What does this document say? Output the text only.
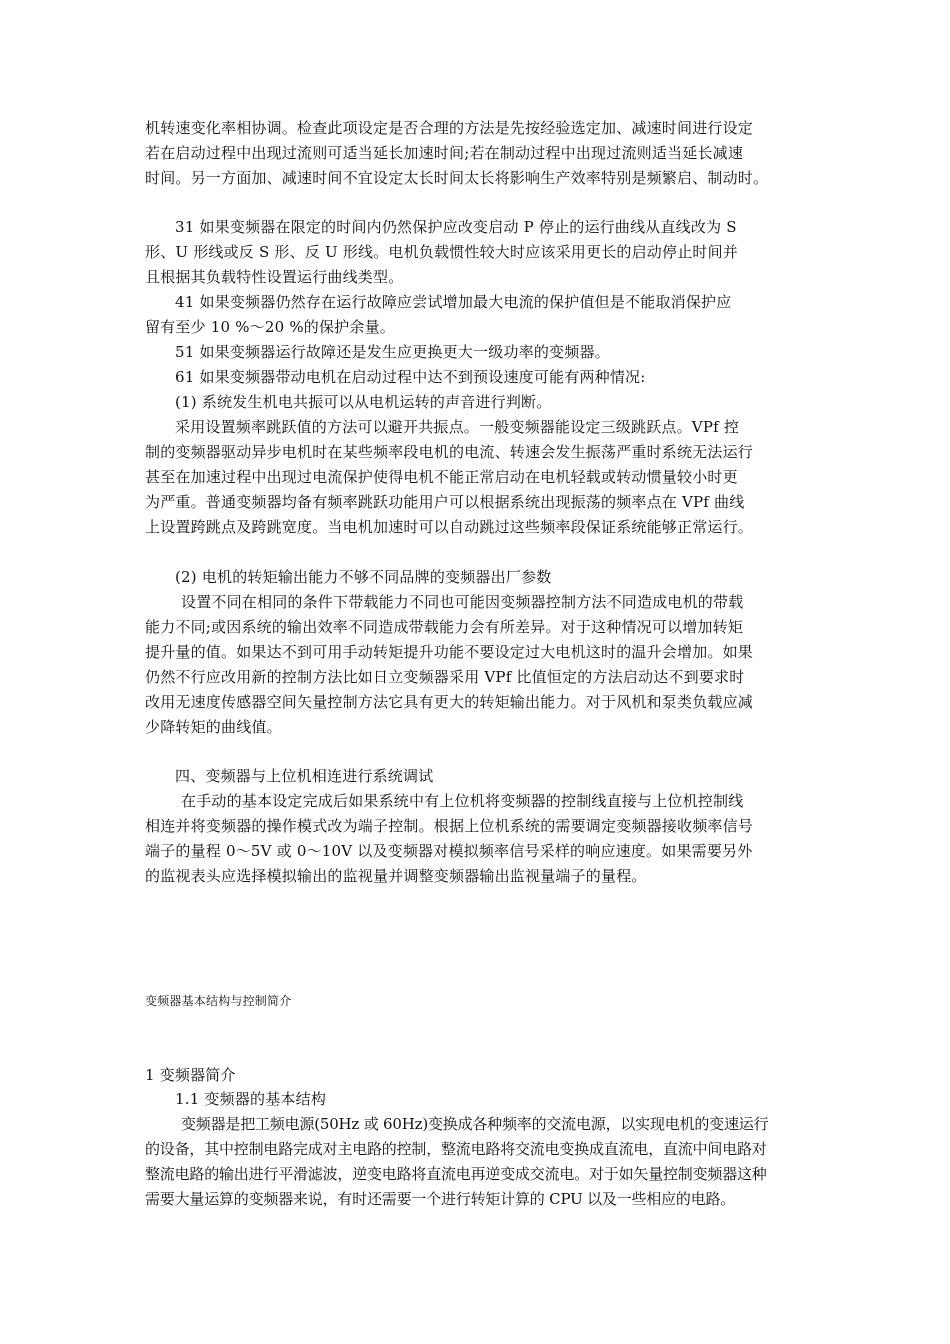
机转速变化率相协调。检查此项设定是否合理的方法是先按经验选定加、减速时间进行设定
若在启动过程中出现过流则可适当延长加速时间;若在制动过程中出现过流则适当延长减速
时间。另一方面加、减速时间不宜设定太长时间太长将影响生产效率特别是频繁启、制动时。
31 如果变频器在限定的时间内仍然保护应改变启动 P 停止的运行曲线从直线改为 S
形、U 形线或反 S 形、反 U 形线。电机负载惯性较大时应该采用更长的启动停止时间并
且根据其负载特性设置运行曲线类型。
41 如果变频器仍然存在运行故障应尝试增加最大电流的保护值但是不能取消保护应
留有至少 10 %～20 %的保护余量。
51 如果变频器运行故障还是发生应更换更大一级功率的变频器。
61 如果变频器带动电机在启动过程中达不到预设速度可能有两种情况:
(1) 系统发生机电共振可以从电机运转的声音进行判断。
采用设置频率跳跃值的方法可以避开共振点。一般变频器能设定三级跳跃点。VPf 控
制的变频器驱动异步电机时在某些频率段电机的电流、转速会发生振荡严重时系统无法运行
甚至在加速过程中出现过电流保护使得电机不能正常启动在电机轻载或转动惯量较小时更
为严重。普通变频器均备有频率跳跃功能用户可以根据系统出现振荡的频率点在 VPf 曲线
上设置跨跳点及跨跳宽度。当电机加速时可以自动跳过这些频率段保证系统能够正常运行。
(2) 电机的转矩输出能力不够不同品牌的变频器出厂参数
设置不同在相同的条件下带载能力不同也可能因变频器控制方法不同造成电机的带载
能力不同;或因系统的输出效率不同造成带载能力会有所差异。对于这种情况可以增加转矩
提升量的值。如果达不到可用手动转矩提升功能不要设定过大电机这时的温升会增加。如果
仍然不行应改用新的控制方法比如日立变频器采用 VPf 比值恒定的方法启动达不到要求时
改用无速度传感器空间矢量控制方法它具有更大的转矩输出能力。对于风机和泵类负载应减
少降转矩的曲线值。
四、变频器与上位机相连进行系统调试
在手动的基本设定完成后如果系统中有上位机将变频器的控制线直接与上位机控制线
相连并将变频器的操作模式改为端子控制。根据上位机系统的需要调定变频器接收频率信号
端子的量程 0～5V 或 0～10V 以及变频器对模拟频率信号采样的响应速度。如果需要另外
的监视表头应选择模拟输出的监视量并调整变频器输出监视量端子的量程。
变频器基本结构与控制简介
1 变频器简介
1.1 变频器的基本结构
变频器是把工频电源(50Hz 或 60Hz)变换成各种频率的交流电源，以实现电机的变速运行
的设备，其中控制电路完成对主电路的控制，整流电路将交流电变换成直流电，直流中间电路对
整流电路的输出进行平滑滤波，逆变电路将直流电再逆变成交流电。对于如矢量控制变频器这种
需要大量运算的变频器来说，有时还需要一个进行转矩计算的 CPU 以及一些相应的电路。
